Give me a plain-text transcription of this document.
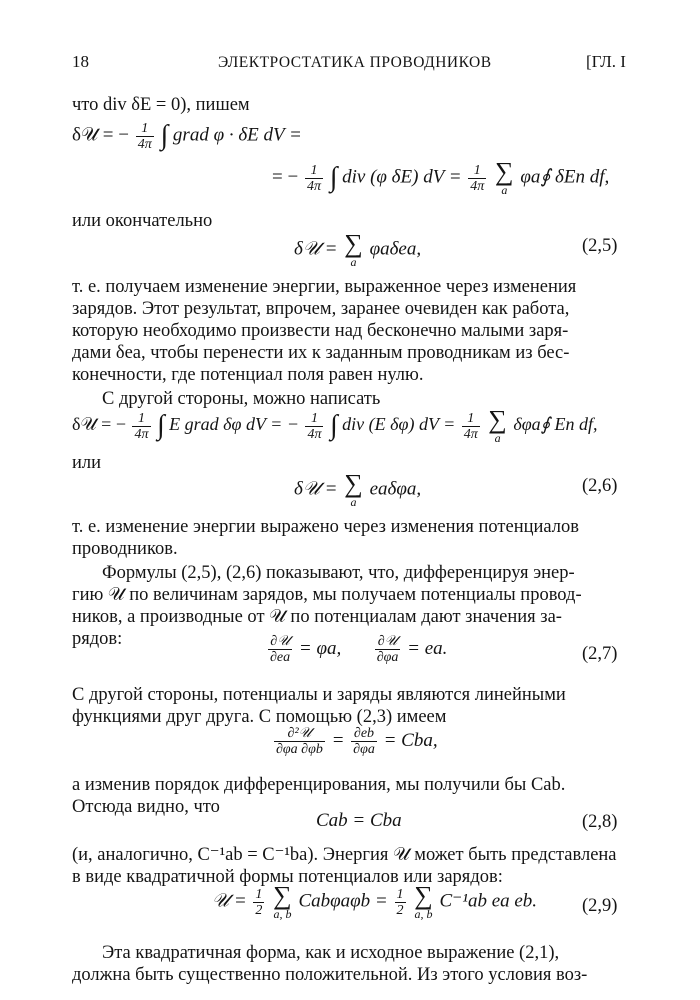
18	ЭЛЕКТРОСТАТИКА ПРОВОДНИКОВ	[ГЛ. I
что div δE = 0), пишем
δ𝒰 = − $\frac{1}{4\pi}$ ∫ grad φ · δE dV =
= − $\frac{1}{4\pi}$ ∫ div (φ δE) dV = $\frac{1}{4\pi}$
∑
a
φa∮ δEn df,
или окончательно
δ𝒰 = ∑
a
φaδea,	(2,5)
т. е. получаем изменение энергии, выраженное через изменения
зарядов. Этот результат, впрочем, заранее очевиден как работа,
которую необходимо произвести над бесконечно малыми заря-
дами δea, чтобы перенести их к заданным проводникам из бес-
конечности, где потенциал поля равен нулю.
С другой стороны, можно написать
δ𝒰 = − $\frac{1}{4\pi}$ ∫ E grad δφ dV = − $\frac{1}{4\pi}$ ∫ div (E δφ) dV = $\frac{1}{4\pi}$
∑
a
δφa∮ En df,
или
δ𝒰 = ∑
a
eaδφa,	(2,6)
т. е. изменение энергии выражено через изменения потенциалов
проводников.
Формулы (2,5), (2,6) показывают, что, дифференцируя энер-
гию 𝒰 по величинам зарядов, мы получаем потенциалы провод-
ников, а производные от 𝒰 по потенциалам дают значения за-
рядов:	$\frac{\text{∂𝒰}}{\partial ea} = \varphi a$, $\frac{\text{∂𝒰}}{\partial\varphi a}$ = ea.	(2,7)
С другой стороны, потенциалы и заряды являются линейными
функциями друг друга. С помощью (2,3) имеем
$\frac{\text{∂²𝒰}}{\partial\varphi a \partial\varphi b} = \frac{\partial eb}{\partial\varphi a}$ = Cba,
а изменив порядок дифференцирования, мы получили бы Cab.
Отсюда видно, что
Cab = Cba	(2,8)
(и, аналогично, C⁻¹ab = C⁻¹ba). Энергия 𝒰 может быть представлена
в виде квадратичной формы потенциалов или зарядов:
𝒰 = $\frac{1}{2}$
∑
a, b
$Cab\varphi a\varphi b = \frac{1}{2}$
∑
a, b
C⁻¹ab ea eb. (2,9)
Эта квадратичная форма, как и исходное выражение (2,1),
должна быть существенно положительной. Из этого условия воз-
